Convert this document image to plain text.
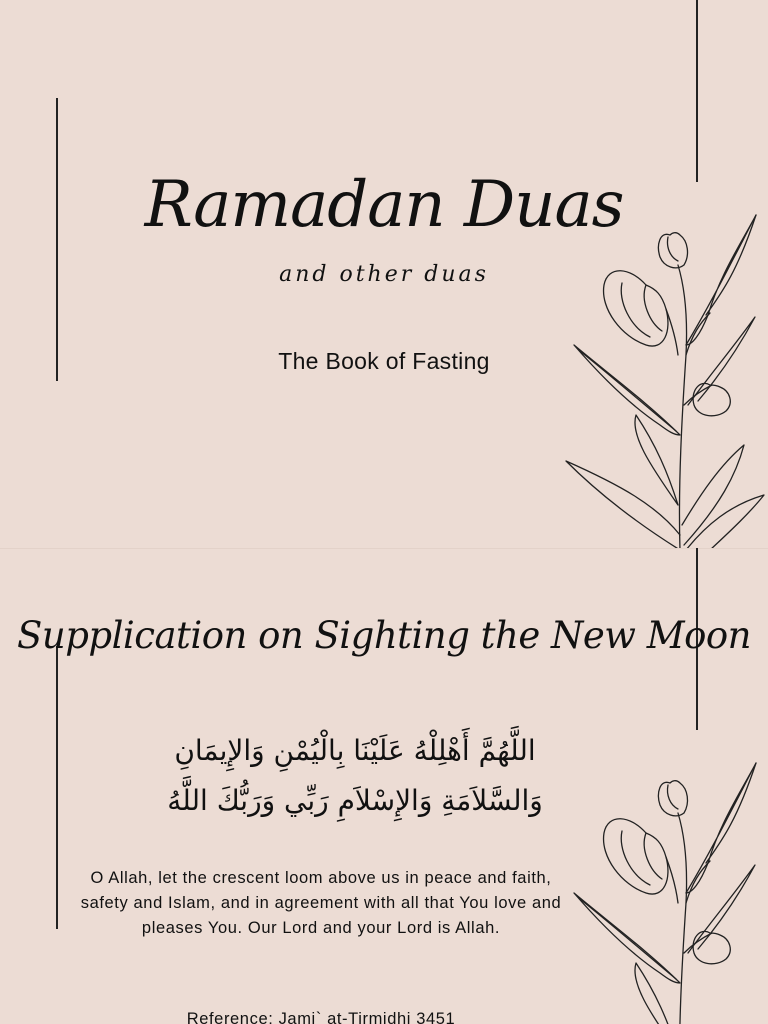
Ramadan Duas
and other duas
The Book of Fasting
Supplication on Sighting the New Moon
اللَّهُمَّ أَهْلِلْهُ عَلَيْنَا بِالْيُمْنِ وَالإِيمَانِ
وَالسَّلاَمَةِ وَالإِسْلاَمِ رَبِّي وَرَبُّكَ اللَّهُ
O Allah, let the crescent loom above us in peace and faith, safety and Islam, and in agreement with all that You love and pleases You. Our Lord and your Lord is Allah.
Reference: Jami` at-Tirmidhi 3451
